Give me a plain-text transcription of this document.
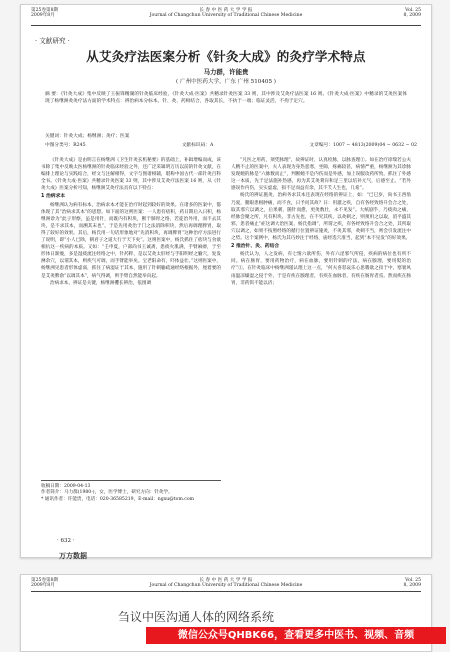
第25卷第8期
2009年8月
长 春 中 医 药 大 学 学 报
Journal of Changchun University of Traditional Chinese Medicine
Vol. 25
8, 2009
· 文献研究 ·
从艾灸疗法医案分析《针灸大成》的灸疗学术特点
马力群，许能贵
( 广州中医药大学，广东 广州 510405 )
摘 要：《针灸大成》集中反映了王振锋精湖的针灸临床经验，《针灸大成·医案》共精录针灸医案 33 则，其中涉及艾灸疗法医案 16 则。《针灸大成·医案》中精录的艾灸医案体现了杨继洲灸灸疗法方面的学术特点：辨治病本分标本，针、灸、药相结合，各取其长，不执于一端；临证灵活，不拘于定穴。
关键词：针灸大成；杨继洲；灸疗；医案
中图分类号：R245	文献标识码：A	文章编号：1007 − 4813(2009)04 − 0632 − 02

《针灸大成》是由明言在杨继洲《卫生针灸玄机秘要》的基础上，补辑增编而成，该书除了集中反映太医杨继洲的针灸临床经验之外，还广泛采辑明万历以前的针灸文献，在编排上理论与实践结合，经文与注解相得，文字与图谱相辅，堪称中国古代一部针灸百科全书。《针灸大成·医案》共精录针灸医案 33 则，其中涉及艾灸疗法医案 16 则，从《针灸大成》医案分析可知，杨继洲艾灸疗法具有以下特点：

1 治病求本

杨继洲认为病有标本，治病求本才能在治疗时起到较好的效果。在诸多的医案中，都体现了其“治病求其本”的思想。如下面的这则医案：一人患有痞积，药日期后入日积，杨继洲诊为“此子形瘵，虽是用针，而既内有积块，断于肺胃之络，若徒治外用，而不去其块，是不求其本，而溯其末也”。于是先用灸治于门之法消除积块，然后再调理脾胃，取得了较好的效果。其后，杨氏用一句话形象地对“先消积块，再调脾胃”这种治疗方法进行了说明，即“小人已除，朝君子之道大行于天下矣”。这则医案中，杨氏抓住了痞块与食欲相抗这一疾病的本质。又如：“壬申夏，户部尚书王诚斋，患痰火肌满，手臂麻痹，于至形体日渐瘦，多是湿痰流注经络之中，针药粹，是以艾灸太肝经与手阳明经之腧穴，复发淋余穴，以谓其本，则疾气可调，而手臂能举矣。宝老阳命有，吓体益壮。”这则医案中，杨继洲见患者形体虚弱，抓住了病湿证于其本，施用了针刺腧疏通经络根据外，厘着要的是艾灸脾俞“以调其本”，病气得调，则手臂自然能举向起。

治病求本，辨证是关键，杨继洲攫长辨治，依围调

“凡医之用药，须凭脉理”，故辨证时，认真检脉，以脉查理①。如在治疗徐瑞若公夫人精不止的医案中，夫人表现为身热恶寒，坐隙，疼痛较甚，病情严重，杨继洲为其诊脉发现她的脉是“六脉数而止”，判断她不是内伤而是外感，加上误服攻药所致，抓住了外感这一本质，先于足法施补热感，再为其艾灸膏肓和足三里以培补元气，后感至止。“若外感误作内伤，实实虚虚，损不足而益有余，其不夭人生也，几希”。

杨氏的辨证施灸，治病务求其本还表现在经络的辨证上，如：“已巳岁，尚书王西翁乃爱，腿眼患根肿痛，而不食，日予问其故？日：用灌之疾，自有各经致络升会合之处，取其邪穴以调之，后果刺，随针而愈，更灸数壮，永不见发”。大纸剧乎，乃痰肉之痛，经脉会聚之所，凡有积块，非古先也，在不究其疾，以灸刺之，则须用之以取，消平盛其邪，患者痛止“症这调大治医案，杨氏指调”，所谓之疾，有各经致络升会合之处，其所取穴以调之，如果不按照经络的循行位置辨证施灸，不灸其邪，灸刺不当，则会引发流注中之势。这个案例中，杨氏为其巧妙注于经络，庙经选穴准当，起到“本不见发”的好效果。

2 推治针、灸、药结合

杨氏认为，人之发病，有七情六欲所伤，外有六淫邪气所侵，疾病的病位也有所不同。病在肠胃，要用药物治疗，病在血脉，要用针刺的疗法，病在腠理，要用熨的治疗“①。在针灸临床中杨继洲谨认理上这一点，“何夫喜怒哀乐心思嗜欲之扣于中，寒暑风雨温凉燥湿之侵于外，于是有疾在腠理者，有疾在血脉者，有疾在肠胃者焉。然而疾在肠胃，非药饵不能以济；

收稿日期：2009-04-13
作者简介：马力群(1980-)，女，医学博士，研究方向：针灸学。
* 通讯作者：许能贵，电话：020-36585219，E-mail：ngxu@tom.com
· 632 ·
万方数据
第25卷第8期
2009年8月
长 春 中 医 药 大 学 学 报
Journal of Changchun University of Traditional Chinese Medicine
Vol. 25
8, 2009
刍议中医沟通人体的网络系统
微信公众号QHBK66，查看更多中医书、视频、音频
